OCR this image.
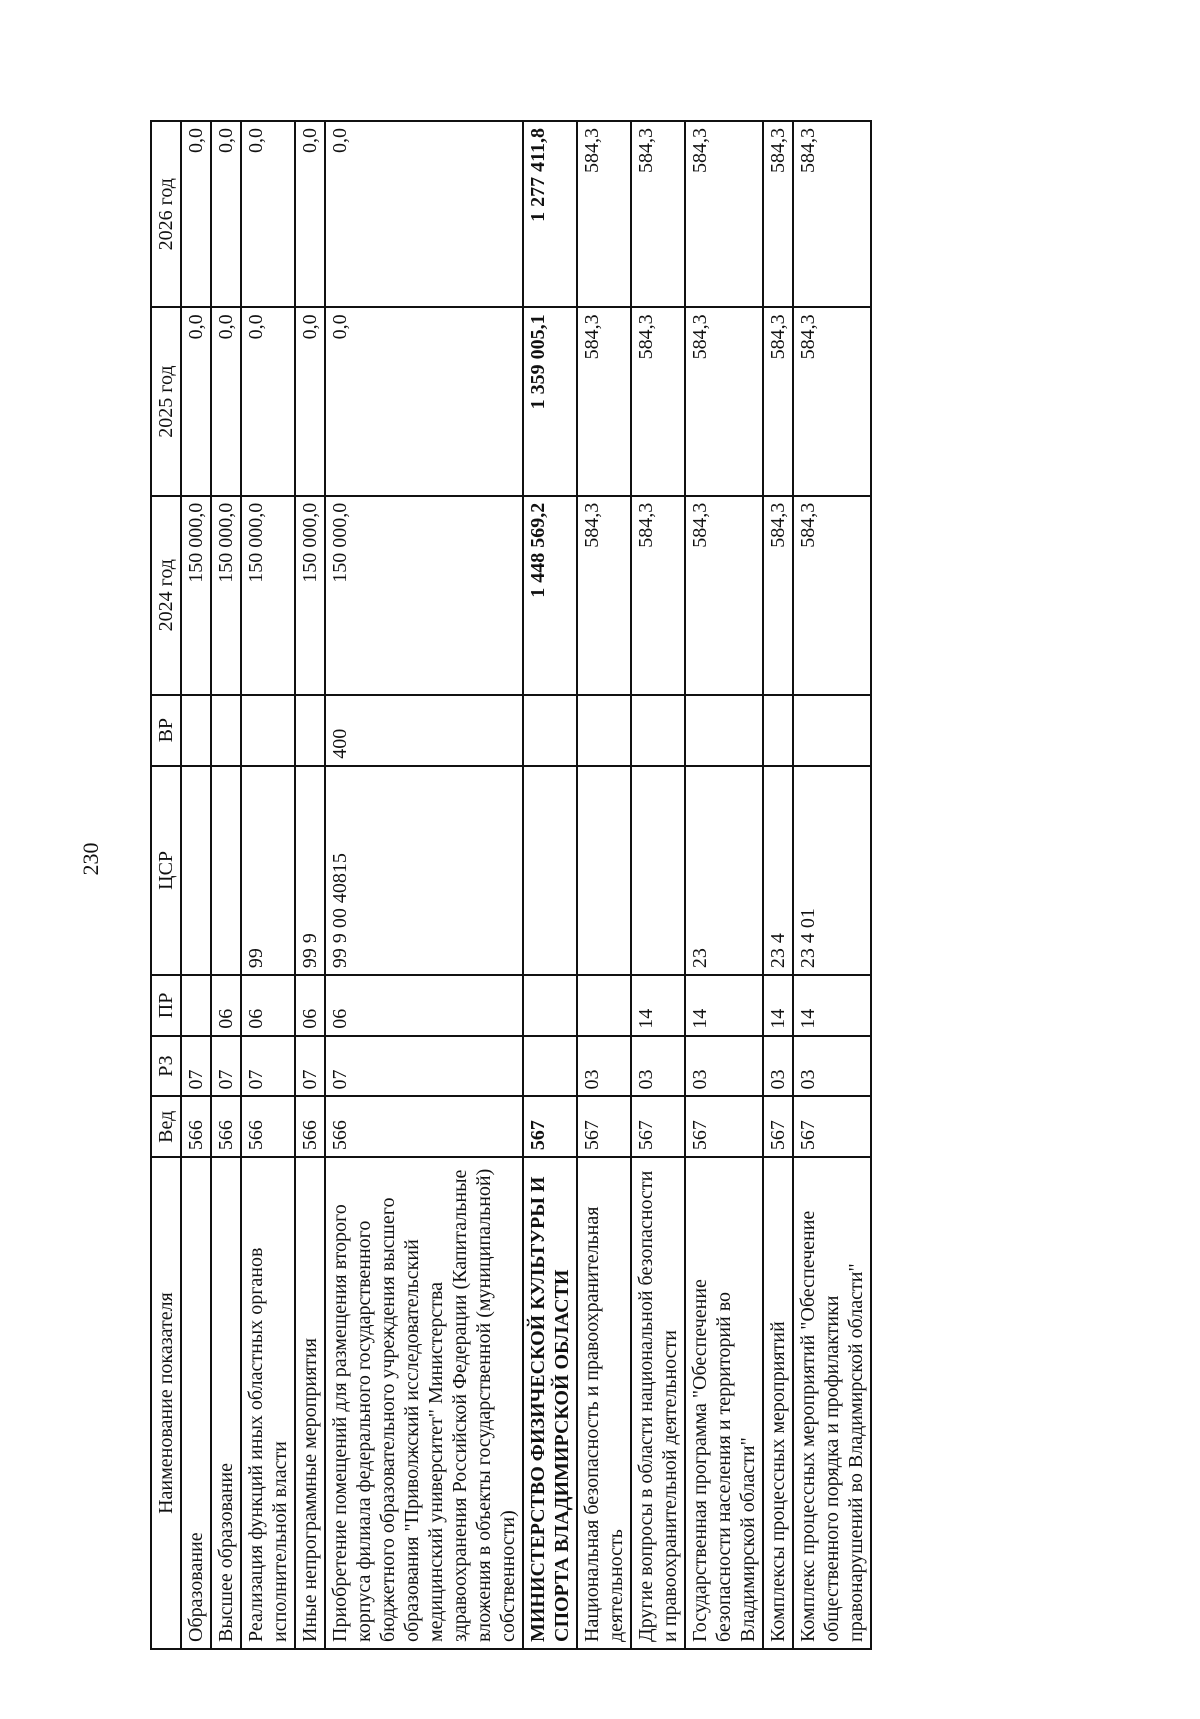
230
Наименование показателя	Вед	РЗ	ПР	ЦСР	ВР	2024 год	2025 год	2026 год
Образование	566	07				150 000,0	0,0	0,0
Высшее образование	566	07	06			150 000,0	0,0	0,0
Реализация функций иных областных органов исполнительной власти	566	07	06	99		150 000,0	0,0	0,0
Иные непрограммные мероприятия	566	07	06	99 9		150 000,0	0,0	0,0
Приобретение помещений для размещения второго корпуса филиала федерального государственного бюджетного образовательного учреждения высшего образования "Приволжский исследовательский медицинский университет" Министерства здравоохранения Российской Федерации (Капитальные вложения в объекты государственной (муниципальной) собственности)	566	07	06	99 9 00 40815	400	150 000,0	0,0	0,0
МИНИСТЕРСТВО ФИЗИЧЕСКОЙ КУЛЬТУРЫ И СПОРТА ВЛАДИМИРСКОЙ ОБЛАСТИ	567					1 448 569,2	1 359 005,1	1 277 411,8
Национальная безопасность и правоохранительная деятельность	567	03				584,3	584,3	584,3
Другие вопросы в области национальной безопасности и правоохранительной деятельности	567	03	14			584,3	584,3	584,3
Государственная программа "Обеспечение безопасности населения и территорий во Владимирской области"	567	03	14	23		584,3	584,3	584,3
Комплексы процессных мероприятий	567	03	14	23 4		584,3	584,3	584,3
Комплекс процессных мероприятий "Обеспечение общественного порядка и профилактики правонарушений во Владимирской области"	567	03	14	23 4 01		584,3	584,3	584,3
